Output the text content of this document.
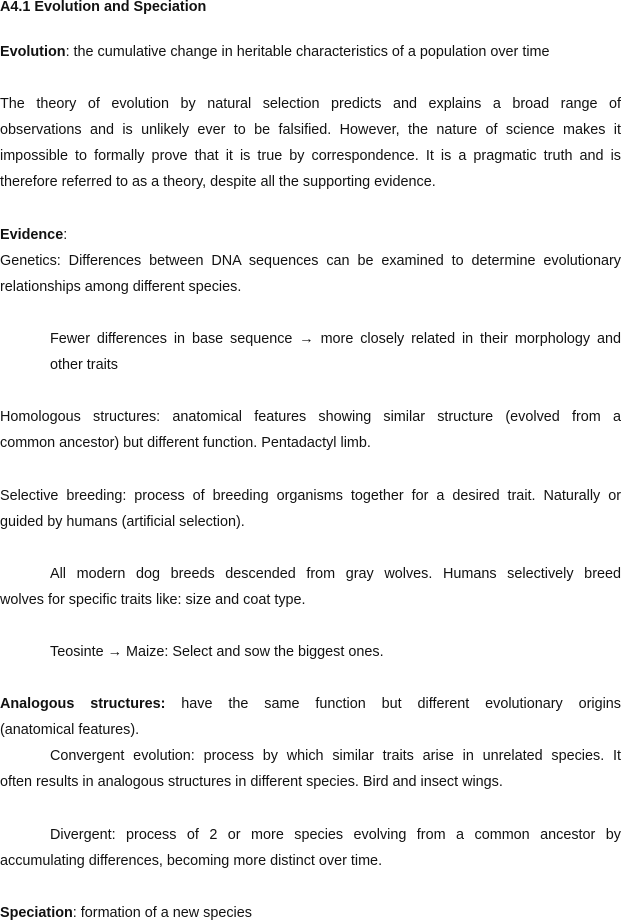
A4.1 Evolution and Speciation
Evolution: the cumulative change in heritable characteristics of a population over time
The theory of evolution by natural selection predicts and explains a broad range of
observations and is unlikely ever to be falsified. However, the nature of science makes it
impossible to formally prove that it is true by correspondence. It is a pragmatic truth and is
therefore referred to as a theory, despite all the supporting evidence.
Evidence:
Genetics: Differences between DNA sequences can be examined to determine evolutionary
relationships among different species.
Fewer differences in base sequence → more closely related in their morphology and
other traits
Homologous structures: anatomical features showing similar structure (evolved from a
common ancestor) but different function. Pentadactyl limb.
Selective breeding: process of breeding organisms together for a desired trait. Naturally or
guided by humans (artificial selection).
All modern dog breeds descended from gray wolves. Humans selectively breed
wolves for specific traits like: size and coat type.
Teosinte → Maize: Select and sow the biggest ones.
Analogous structures: have the same function but different evolutionary origins
(anatomical features).
Convergent evolution: process by which similar traits arise in unrelated species. It
often results in analogous structures in different species. Bird and insect wings.
Divergent: process of 2 or more species evolving from a common ancestor by
accumulating differences, becoming more distinct over time.
Speciation: formation of a new species
